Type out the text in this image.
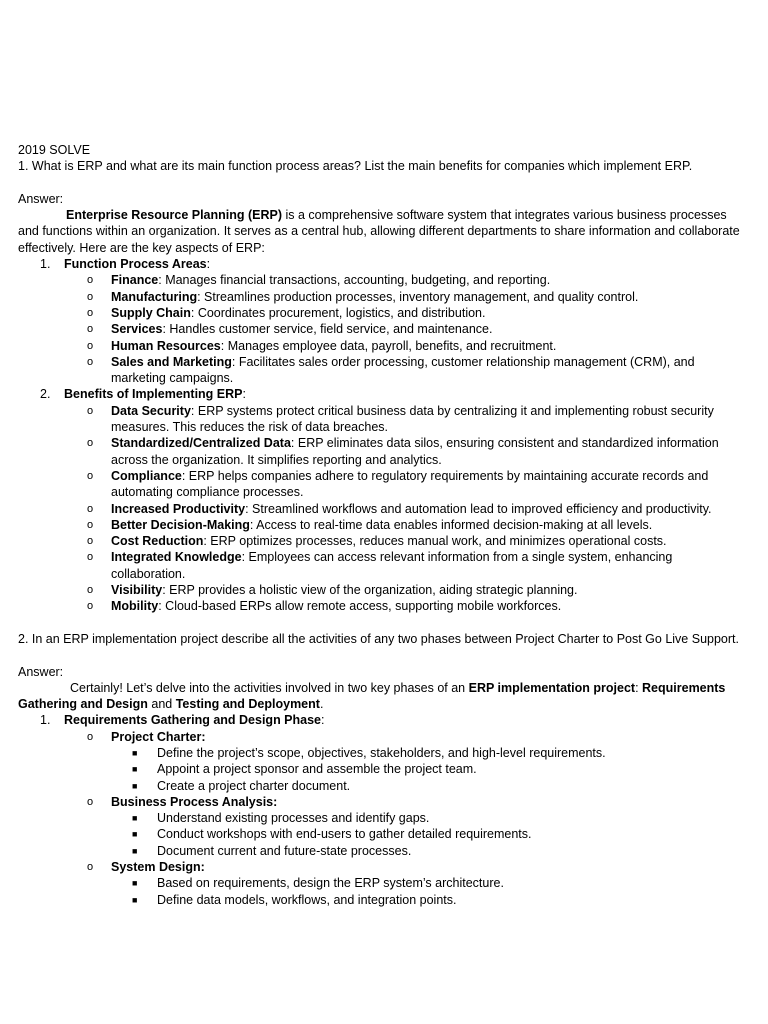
2019 SOLVE

1. What is ERP and what are its main function process areas? List the main benefits for companies which implement ERP.

Answer:

Enterprise Resource Planning (ERP) is a comprehensive software system that integrates various business processes and functions within an organization. It serves as a central hub, allowing different departments to share information and collaborate effectively. Here are the key aspects of ERP:

1. Function Process Areas:
o Finance: Manages financial transactions, accounting, budgeting, and reporting.
o Manufacturing: Streamlines production processes, inventory management, and quality control.
o Supply Chain: Coordinates procurement, logistics, and distribution.
o Services: Handles customer service, field service, and maintenance.
o Human Resources: Manages employee data, payroll, benefits, and recruitment.
o Sales and Marketing: Facilitates sales order processing, customer relationship management (CRM), and marketing campaigns.
2. Benefits of Implementing ERP:
o Data Security: ERP systems protect critical business data by centralizing it and implementing robust security measures. This reduces the risk of data breaches.
o Standardized/Centralized Data: ERP eliminates data silos, ensuring consistent and standardized information across the organization. It simplifies reporting and analytics.
o Compliance: ERP helps companies adhere to regulatory requirements by maintaining accurate records and automating compliance processes.
o Increased Productivity: Streamlined workflows and automation lead to improved efficiency and productivity.
o Better Decision-Making: Access to real-time data enables informed decision-making at all levels.
o Cost Reduction: ERP optimizes processes, reduces manual work, and minimizes operational costs.
o Integrated Knowledge: Employees can access relevant information from a single system, enhancing collaboration.
o Visibility: ERP provides a holistic view of the organization, aiding strategic planning.
o Mobility: Cloud-based ERPs allow remote access, supporting mobile workforces.

2. In an ERP implementation project describe all the activities of any two phases between Project Charter to Post Go Live Support.

Answer:

Certainly! Let’s delve into the activities involved in two key phases of an ERP implementation project: Requirements Gathering and Design and Testing and Deployment.

1. Requirements Gathering and Design Phase:
o Project Charter:
■ Define the project’s scope, objectives, stakeholders, and high-level requirements.
■ Appoint a project sponsor and assemble the project team.
■ Create a project charter document.
o Business Process Analysis:
■ Understand existing processes and identify gaps.
■ Conduct workshops with end-users to gather detailed requirements.
■ Document current and future-state processes.
o System Design:
■ Based on requirements, design the ERP system’s architecture.
■ Define data models, workflows, and integration points.
